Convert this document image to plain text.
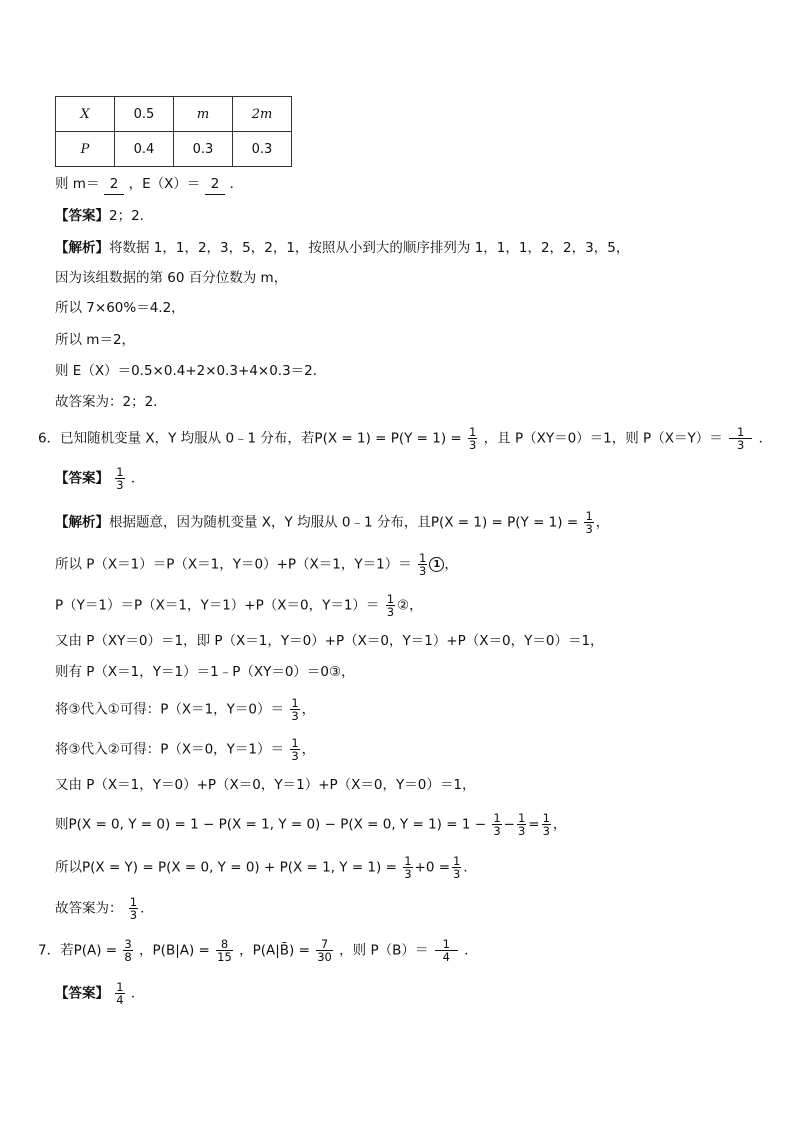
X	0.5	m	2m
P	0.4	0.3	0.3
则 m＝ 2 ，E（X）＝ 2 ．
【答案】2；2．
【解析】将数据 1，1，2，3，5，2，1，按照从小到大的顺序排列为 1，1，1，2，2，3，5，
因为该组数据的第 60 百分位数为 m，
所以 7×60%＝4.2，
所以 m＝2，
则 E（X）＝0.5×0.4+2×0.3+4×0.3＝2．
故答案为：2；2．
6．已知随机变量 X，Y 均服从 0﹣1 分布，若$P(X = 1) = P(Y = 1) = \frac{1}{3}$ ，且 P（XY＝0）＝1，则 $P(X=Y)= \frac{1}{3}$ ．
【答案】 $\frac{1}{3}$ ．
【解析】根据题意，因为随机变量 X，Y 均服从 0﹣1 分布，且$P(X = 1) = P(Y = 1) = \frac{1}{3}$ ，
所以 P（X＝1）＝P（X＝1，Y＝0）+P（X＝1，$Y=1)= \frac{1}{3} 1$ ，
P（Y＝1）＝P（X＝1，Y＝1）+P（X＝0，$Y=1)= \frac{1}{3}$ ②，
又由 P（XY＝0）＝1，即 P（X＝1，Y＝0）+P（X＝0，Y＝1）+P（X＝0，Y＝0）＝1，
则有 P（X＝1，Y＝1）＝1﹣P（XY＝0）＝0③，
将③代入①可得：P（X＝1，$Y=0)= \frac{1}{3}$ ，
将③代入②可得：P（X＝0，$Y=1)= \frac{1}{3}$ ，
又由 P（X＝1，Y＝0）+P（X＝0，Y＝1）+P（X＝0，Y＝0）＝1，
则P(X = 0, Y = 0) = 1 − P(X = 1, Y = 0) − P(X = 0, $Y = 1) = 1 - \frac{1}{3} - \frac{1}{3} = \frac{1}{3}$ ，
所以P(X = Y) = P(X = 0, Y = 0) + P(X = 1, $Y = 1) = \frac{1}{3} +0 = \frac{1}{3}$ ．
故答案为： $\frac{1}{3}$ ．
7．若$P(A) = \frac{3}{8}$ ，$P(B|A) = \frac{8}{15}$ ，P(A|B̄) = $\frac{7}{30}$ ，则 $P(B)= \frac{1}{4}$ ．
【答案】 $\frac{1}{4}$ ．
